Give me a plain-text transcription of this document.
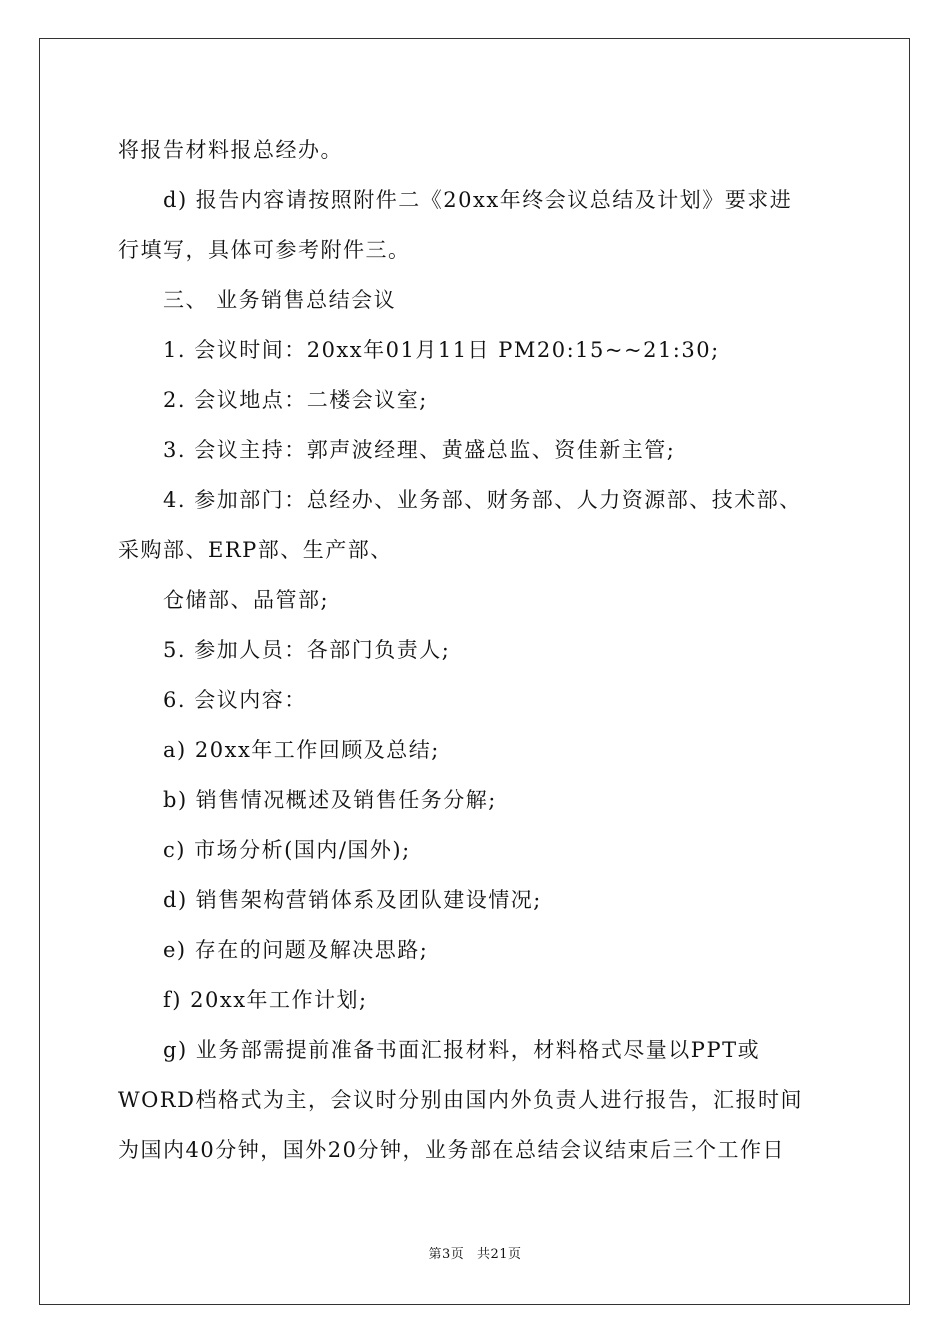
将报告材料报总经办。
d) 报告内容请按照附件二《20xx年终会议总结及计划》要求进
行填写，具体可参考附件三。
三、 业务销售总结会议
1. 会议时间：20xx年01月11日 PM20:15~~21:30;
2. 会议地点：二楼会议室;
3. 会议主持：郭声波经理、黄盛总监、资佳新主管;
4. 参加部门：总经办、业务部、财务部、人力资源部、技术部、
采购部、ERP部、生产部、
仓储部、品管部;
5. 参加人员：各部门负责人;
6. 会议内容：
a) 20xx年工作回顾及总结;
b) 销售情况概述及销售任务分解;
c) 市场分析(国内/国外);
d) 销售架构营销体系及团队建设情况;
e) 存在的问题及解决思路;
f) 20xx年工作计划;
g) 业务部需提前准备书面汇报材料，材料格式尽量以PPT或
WORD档格式为主，会议时分别由国内外负责人进行报告，汇报时间
为国内40分钟，国外20分钟，业务部在总结会议结束后三个工作日
第3页 共21页
